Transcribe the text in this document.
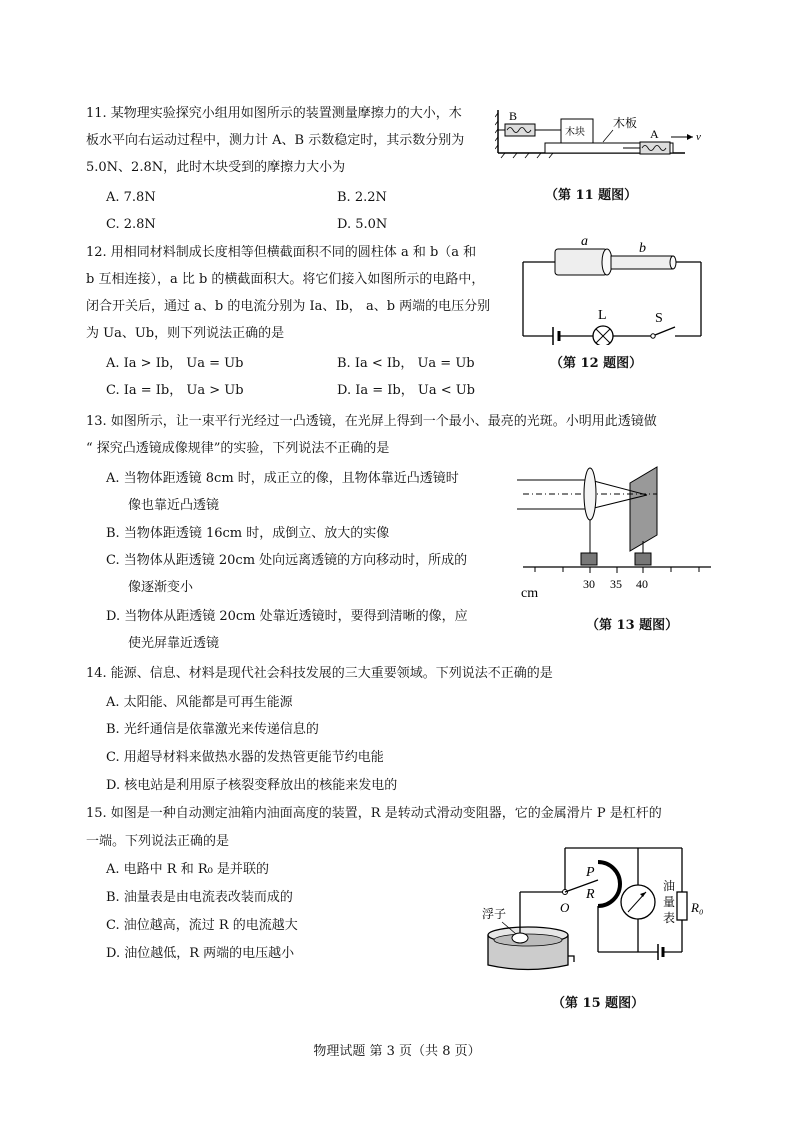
11. 某物理实验探究小组用如图所示的装置测量摩擦力的大小，木
板水平向右运动过程中，测力计 A、B 示数稳定时，其示数分别为
5.0N、2.8N，此时木块受到的摩擦力大小为
A. 7.8N	B. 2.2N
C. 2.8N	D. 5.0N
B
木块
木板
A	v
（第 11 题图）
12. 用相同材料制成长度相等但横截面积不同的圆柱体 a 和 b（a 和
b 互相连接），a 比 b 的横截面积大。将它们接入如图所示的电路中，
闭合开关后，通过 a、b 的电流分别为 Ia、Ib， a、b 两端的电压分别
为 Ua、Ub，则下列说法正确的是
A. Ia > Ib， Ua = Ub	B. Ia < Ib， Ua = Ub
C. Ia = Ib， Ua > Ub	D. Ia = Ib， Ua < Ub
a	b
L	S
（第 12 题图）
13. 如图所示，让一束平行光经过一凸透镜，在光屏上得到一个最小、最亮的光斑。小明用此透镜做
“ 探究凸透镜成像规律”的实验，下列说法不正确的是
A. 当物体距透镜 8cm 时，成正立的像，且物体靠近凸透镜时
像也靠近凸透镜
B. 当物体距透镜 16cm 时，成倒立、放大的实像
C. 当物体从距透镜 20cm 处向远离透镜的方向移动时，所成的
像逐渐变小
D. 当物体从距透镜 20cm 处靠近透镜时，要得到清晰的像，应
使光屏靠近透镜
cm
30 35 40
（第 13 题图）
14. 能源、信息、材料是现代社会科技发展的三大重要领域。下列说法不正确的是
A. 太阳能、风能都是可再生能源
B. 光纤通信是依靠激光来传递信息的
C. 用超导材料来做热水器的发热管更能节约电能
D. 核电站是利用原子核裂变释放出的核能来发电的
15. 如图是一种自动测定油箱内油面高度的装置，R 是转动式滑动变阻器，它的金属滑片 P 是杠杆的
一端。下列说法正确的是
A. 电路中 R 和 R₀ 是并联的
B. 油量表是由电流表改装而成的
C. 油位越高，流过 R 的电流越大
D. 油位越低，R 两端的电压越小
O
P
R
油
量
表
R₀
浮子
（第 15 题图）
物理试题 第 3 页（共 8 页）
